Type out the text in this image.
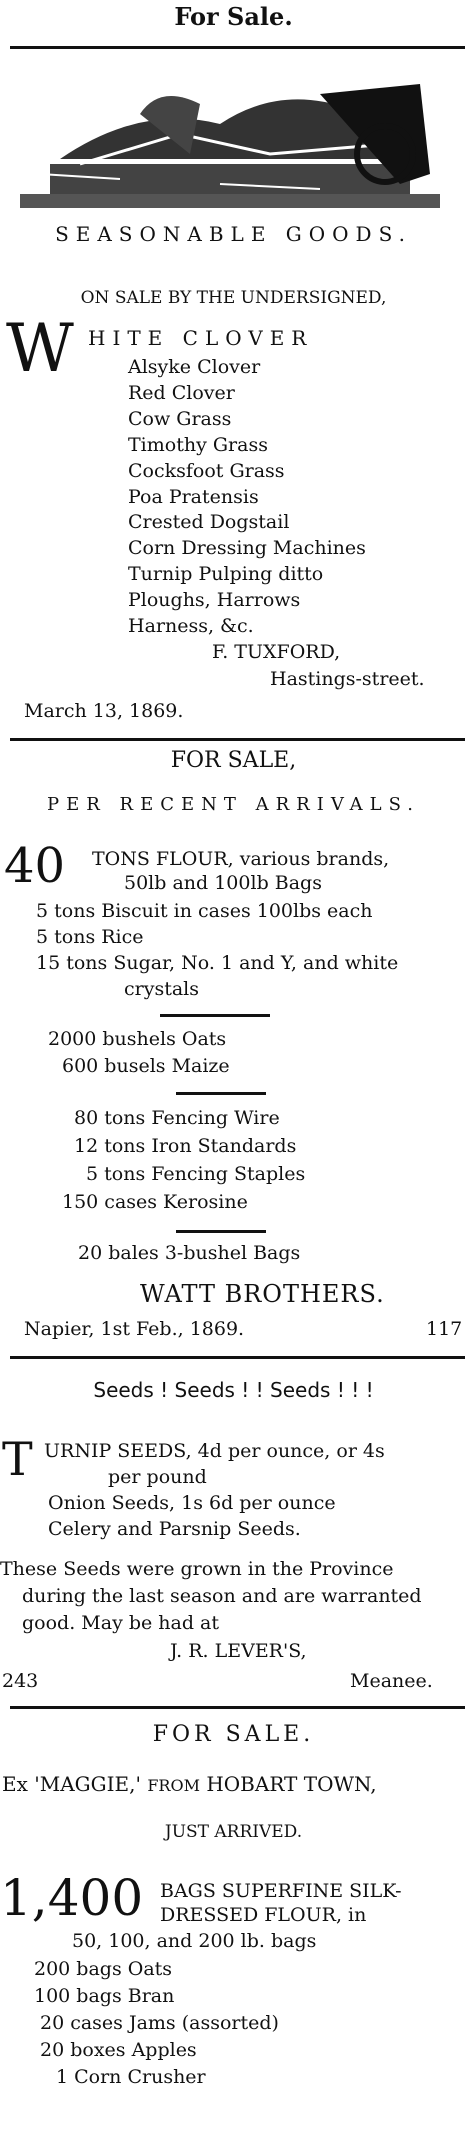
For Sale.
SEASONABLE GOODS.
ON SALE BY THE UNDERSIGNED,
W HITE CLOVER
Alsyke Clover
Red Clover
Cow Grass
Timothy Grass
Cocksfoot Grass
Poa Pratensis
Crested Dogstail
Corn Dressing Machines
Turnip Pulping ditto
Ploughs, Harrows
Harness, &c.
F. TUXFORD,
Hastings-street.
March 13, 1869.
FOR SALE,
PER RECENT ARRIVALS.
40 TONS FLOUR, various brands,
50lb and 100lb Bags
5 tons Biscuit in cases 100lbs each
5 tons Rice
15 tons Sugar, No. 1 and Y, and white
crystals
2000 bushels Oats
600 busels Maize
80 tons Fencing Wire
12 tons Iron Standards
5 tons Fencing Staples
150 cases Kerosine
20 bales 3-bushel Bags
WATT BROTHERS.
Napier, 1st Feb., 1869.	117
Seeds ! Seeds ! ! Seeds ! ! !
T URNIP SEEDS, 4d per ounce, or 4s
per pound
Onion Seeds, 1s 6d per ounce
Celery and Parsnip Seeds.
These Seeds were grown in the Province
during the last season and are warranted
good. May be had at
J. R. LEVER'S,
243	Meanee.
FOR SALE.
Ex 'MAGGIE,' FROM HOBART TOWN,
JUST ARRIVED.
1,400 BAGS SUPERFINE SILK-
DRESSED FLOUR, in
50, 100, and 200 lb. bags
200 bags Oats
100 bags Bran
20 cases Jams (assorted)
20 boxes Apples
1 Corn Crusher
